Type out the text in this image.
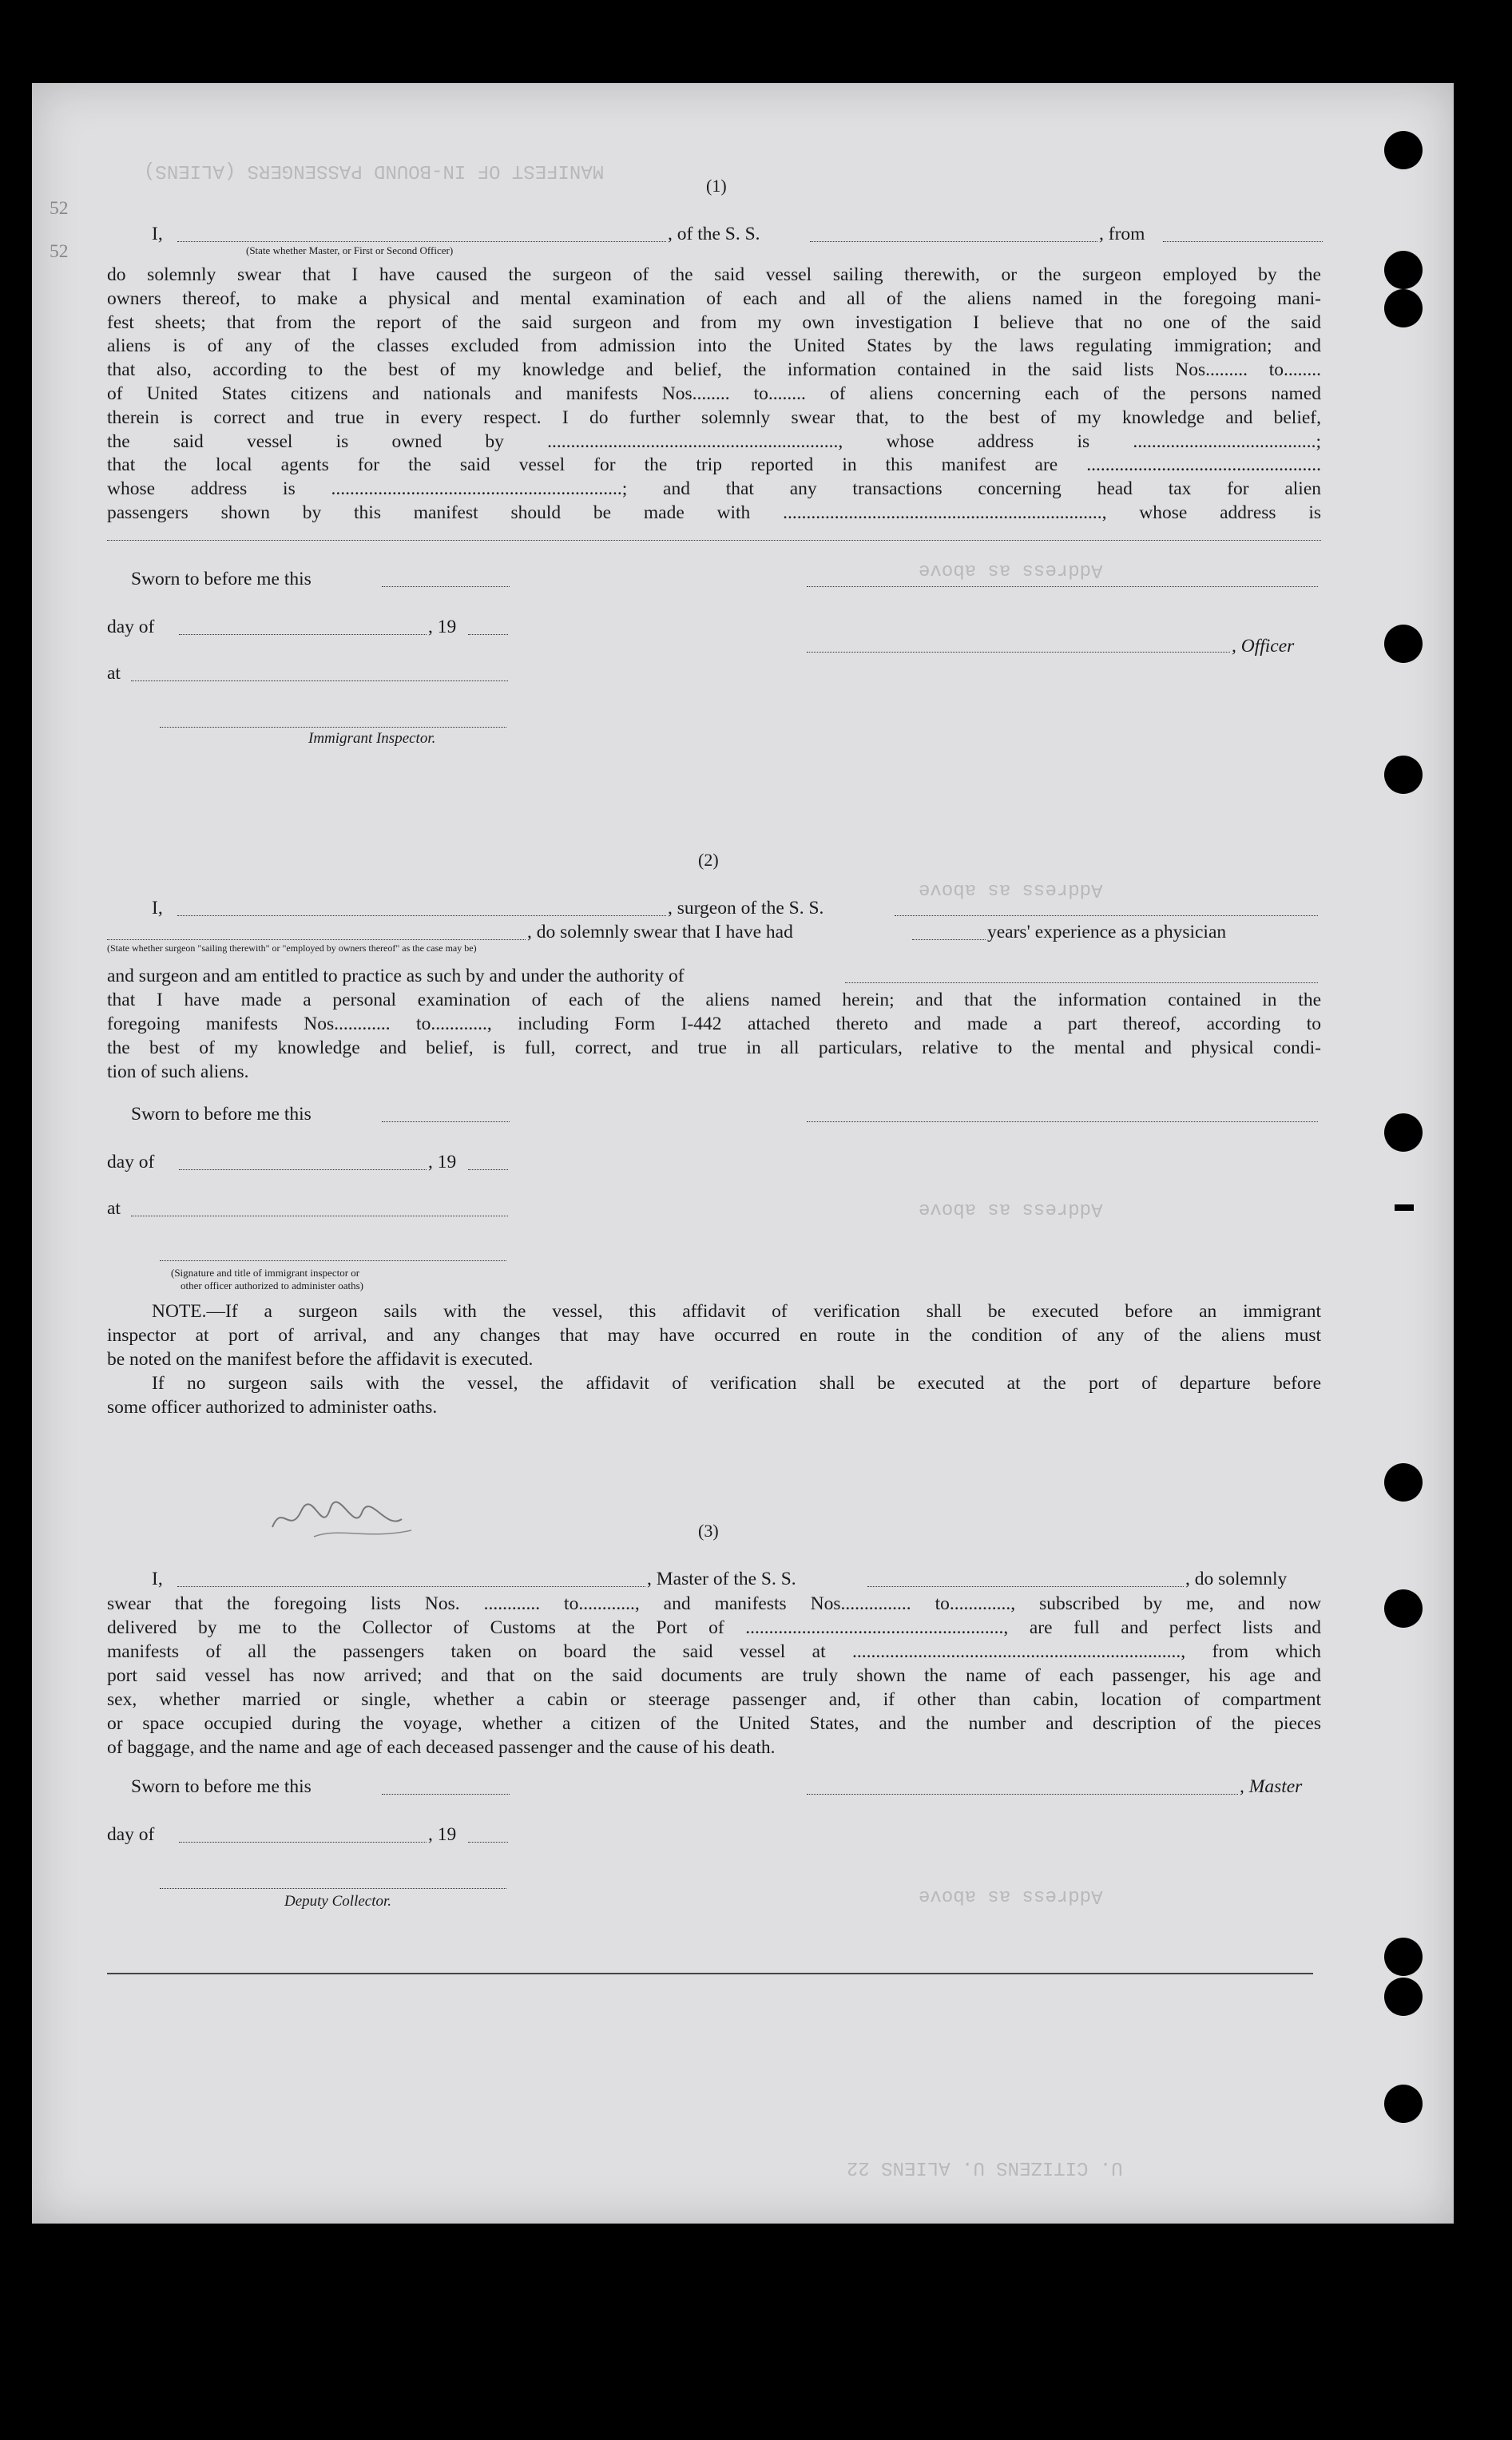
MANIFEST OF IN-BOUND PASSENGERS (ALIENS)
Address as above
Address as above
Address as above
Address as above
U. CITIZENS U. ALIENS 22
52
52
(1)
I,	, of the S. S.	, from
(State whether Master, or First or Second Officer)
do solemnly swear that I have caused the surgeon of the said vessel sailing therewith, or the surgeon employed by the
owners thereof, to make a physical and mental examination of each and all of the aliens named in the foregoing mani-
fest sheets; that from the report of the said surgeon and from my own investigation I believe that no one of the said
aliens is of any of the classes excluded from admission into the United States by the laws regulating immigration; and
that also, according to the best of my knowledge and belief, the information contained in the said lists Nos......... to........
of United States citizens and nationals and manifests Nos........ to........ of aliens concerning each of the persons named
therein is correct and true in every respect. I do further solemnly swear that, to the best of my knowledge and belief,
the said vessel is owned by .............................................................., whose address is .......................................;
that the local agents for the said vessel for the trip reported in this manifest are ..................................................
whose address is ..............................................................; and that any transactions concerning head tax for alien
passengers shown by this manifest should be made with ...................................................................., whose address is
Sworn to before me this
day of	, 19
, Officer
at
Immigrant Inspector.
(2)
I,	, surgeon of the S. S.
, do solemnly swear that I have had	years' experience as a physician
(State whether surgeon "sailing therewith" or "employed by owners thereof" as the case may be)
and surgeon and am entitled to practice as such by and under the authority of
that I have made a personal examination of each of the aliens named herein; and that the information contained in the
foregoing manifests Nos............ to............, including Form I-442 attached thereto and made a part thereof, according to
the best of my knowledge and belief, is full, correct, and true in all particulars, relative to the mental and physical condi-
tion of such aliens.
Sworn to before me this
day of	, 19
at
(Signature and title of immigrant inspector or
other officer authorized to administer oaths)
NOTE.—If a surgeon sails with the vessel, this affidavit of verification shall be executed before an immigrant
inspector at port of arrival, and any changes that may have occurred en route in the condition of any of the aliens must
be noted on the manifest before the affidavit is executed.
If no surgeon sails with the vessel, the affidavit of verification shall be executed at the port of departure before
some officer authorized to administer oaths.
(3)
I,	, Master of the S. S.	, do solemnly
swear that the foregoing lists Nos. ............ to............, and manifests Nos............... to............., subscribed by me, and now
delivered by me to the Collector of Customs at the Port of ......................................................., are full and perfect lists and
manifests of all the passengers taken on board the said vessel at ......................................................................, from which
port said vessel has now arrived; and that on the said documents are truly shown the name of each passenger, his age and
sex, whether married or single, whether a cabin or steerage passenger and, if other than cabin, location of compartment
or space occupied during the voyage, whether a citizen of the United States, and the number and description of the pieces
of baggage, and the name and age of each deceased passenger and the cause of his death.
Sworn to before me this	, Master
day of	, 19
Deputy Collector.
